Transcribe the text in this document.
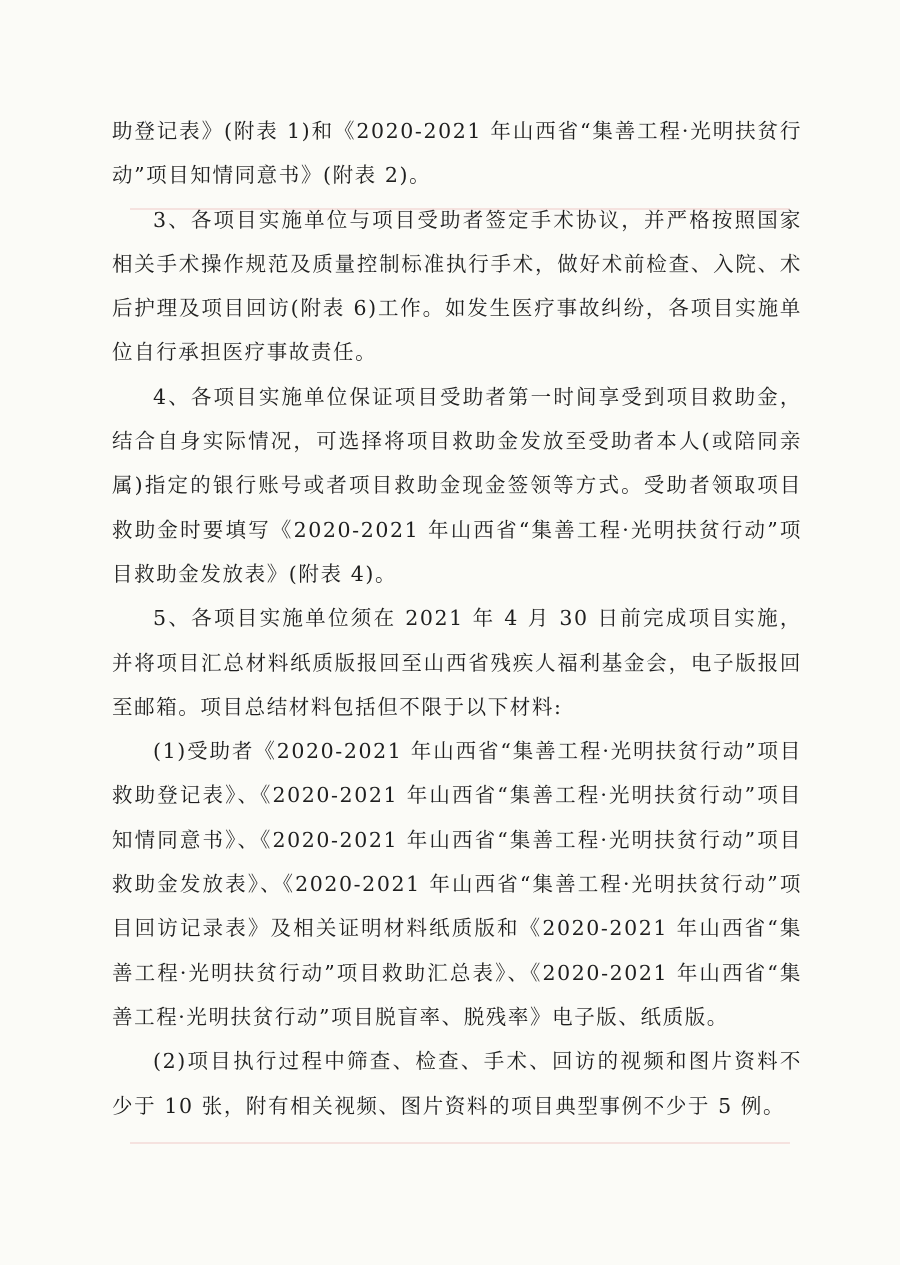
助登记表》(附表 1)和《2020-2021 年山西省“集善工程·光明扶贫行动”项目知情同意书》(附表 2)。

3、各项目实施单位与项目受助者签定手术协议，并严格按照国家相关手术操作规范及质量控制标准执行手术，做好术前检查、入院、术后护理及项目回访(附表 6)工作。如发生医疗事故纠纷，各项目实施单位自行承担医疗事故责任。

4、各项目实施单位保证项目受助者第一时间享受到项目救助金，结合自身实际情况，可选择将项目救助金发放至受助者本人(或陪同亲属)指定的银行账号或者项目救助金现金签领等方式。受助者领取项目救助金时要填写《2020-2021 年山西省“集善工程·光明扶贫行动”项目救助金发放表》(附表 4)。

5、各项目实施单位须在 2021 年 4 月 30 日前完成项目实施，并将项目汇总材料纸质版报回至山西省残疾人福利基金会，电子版报回至邮箱。项目总结材料包括但不限于以下材料:

(1)受助者《2020-2021 年山西省“集善工程·光明扶贫行动”项目救助登记表》、《2020-2021 年山西省“集善工程·光明扶贫行动”项目知情同意书》、《2020-2021 年山西省“集善工程·光明扶贫行动”项目救助金发放表》、《2020-2021 年山西省“集善工程·光明扶贫行动”项目回访记录表》及相关证明材料纸质版和《2020-2021 年山西省“集善工程·光明扶贫行动”项目救助汇总表》、《2020-2021 年山西省“集善工程·光明扶贫行动”项目脱盲率、脱残率》电子版、纸质版。

(2)项目执行过程中筛查、检查、手术、回访的视频和图片资料不少于 10 张，附有相关视频、图片资料的项目典型事例不少于 5 例。
